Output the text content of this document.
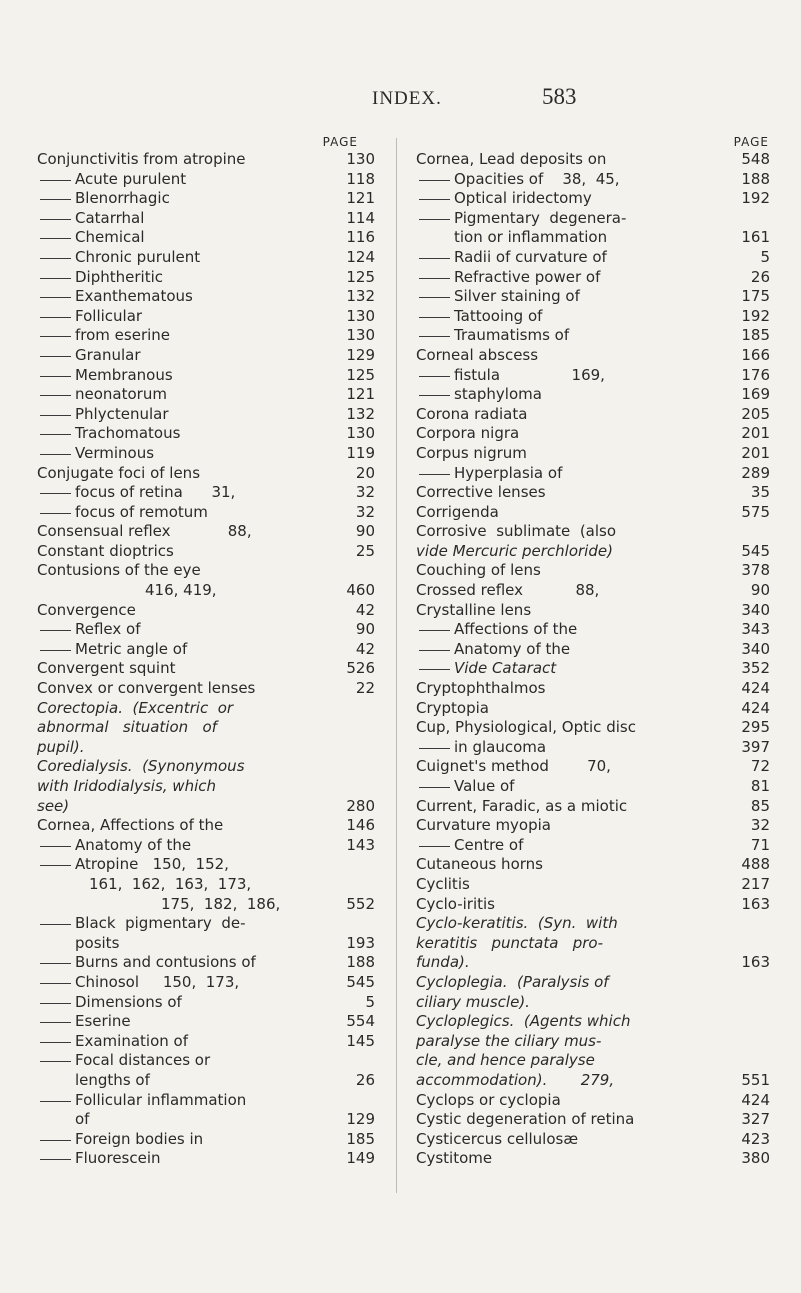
INDEX.	583
PAGE
Conjunctivitis from atropine	130
Acute purulent	118
Blenorrhagic	121
Catarrhal	114
Chemical	116
Chronic purulent	124
Diphtheritic	125
Exanthematous	132
Follicular	130
from eserine	130
Granular	129
Membranous	125
neonatorum	121
Phlyctenular	132
Trachomatous	130
Verminous	119
Conjugate foci of lens	20
focus of retina      31,	32
focus of remotum	32
Consensual reflex            88,	90
Constant dioptrics	25
Contusions of the eye
416, 419,	460
Convergence	42
Reflex of	90
Metric angle of	42
Convergent squint	526
Convex or convergent lenses	22
Corectopia.  (Excentric  or
abnormal   situation   of
pupil).
Coredialysis.  (Synonymous
with Iridodialysis, which
see)	280
Cornea, Affections of the	146
Anatomy of the	143
Atropine   150,  152,
161,  162,  163,  173,
175,  182,  186,	552
Black  pigmentary  de-
posits	193
Burns and contusions of	188
Chinosol     150,  173,	545
Dimensions of	5
Eserine	554
Examination of	145
Focal distances or
lengths of	26
Follicular inflammation
of	129
Foreign bodies in	185
Fluorescein	149
PAGE
Cornea, Lead deposits on	548
Opacities of    38,  45,	188
Optical iridectomy	192
Pigmentary  degenera-
tion or inflammation	161
Radii of curvature of	5
Refractive power of	26
Silver staining of	175
Tattooing of	192
Traumatisms of	185
Corneal abscess	166
fistula               169,	176
staphyloma	169
Corona radiata	205
Corpora nigra	201
Corpus nigrum	201
Hyperplasia of	289
Corrective lenses	35
Corrigenda	575
Corrosive  sublimate  (also
vide Mercuric perchloride)	545
Couching of lens	378
Crossed reflex           88,	90
Crystalline lens	340
Affections of the	343
Anatomy of the	340
Vide Cataract	352
Cryptophthalmos	424
Cryptopia	424
Cup, Physiological, Optic disc	295
in glaucoma	397
Cuignet's method        70,	72
Value of	81
Current, Faradic, as a miotic	85
Curvature myopia	32
Centre of	71
Cutaneous horns	488
Cyclitis	217
Cyclo-iritis	163
Cyclo-keratitis.  (Syn.  with
keratitis   punctata   pro-
funda).	163
Cycloplegia.  (Paralysis of
ciliary muscle).
Cycloplegics.  (Agents which
paralyse the ciliary mus-
cle, and hence paralyse
accommodation).       279,	551
Cyclops or cyclopia	424
Cystic degeneration of retina	327
Cysticercus cellulosæ	423
Cystitome	380
